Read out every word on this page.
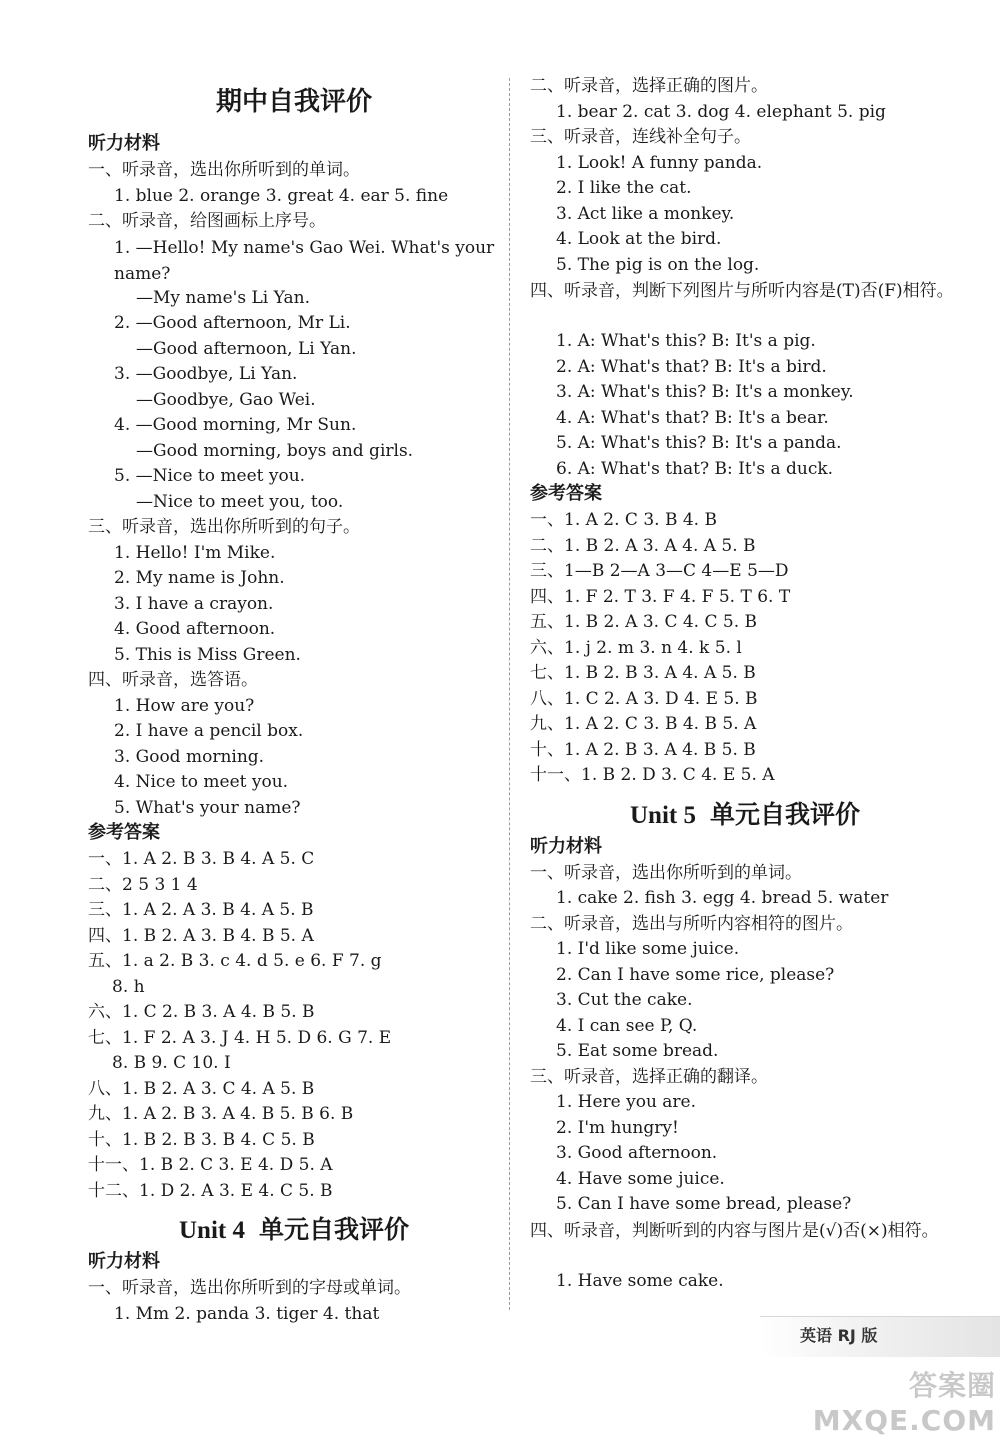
期中自我评价
听力材料
一、听录音，选出你所听到的单词。
1. blue 2. orange 3. great 4. ear 5. fine
二、听录音，给图画标上序号。
1. —Hello! My name's Gao Wei. What's your name?
—My name's Li Yan.
2. —Good afternoon, Mr Li.
—Good afternoon, Li Yan.
3. —Goodbye, Li Yan.
—Goodbye, Gao Wei.
4. —Good morning, Mr Sun.
—Good morning, boys and girls.
5. —Nice to meet you.
—Nice to meet you, too.
三、听录音，选出你所听到的句子。
1. Hello! I'm Mike.
2. My name is John.
3. I have a crayon.
4. Good afternoon.
5. This is Miss Green.
四、听录音，选答语。
1. How are you?
2. I have a pencil box.
3. Good morning.
4. Nice to meet you.
5. What's your name?
参考答案
一、1. A 2. B 3. B 4. A 5. C
二、2 5 3 1 4
三、1. A 2. A 3. B 4. A 5. B
四、1. B 2. A 3. B 4. B 5. A
五、1. a 2. B 3. c 4. d 5. e 6. F 7. g
8. h
六、1. C 2. B 3. A 4. B 5. B
七、1. F 2. A 3. J 4. H 5. D 6. G 7. E
8. B 9. C 10. I
八、1. B 2. A 3. C 4. A 5. B
九、1. A 2. B 3. A 4. B 5. B 6. B
十、1. B 2. B 3. B 4. C 5. B
十一、1. B 2. C 3. E 4. D 5. A
十二、1. D 2. A 3. E 4. C 5. B
Unit 4 单元自我评价
听力材料
一、听录音，选出你所听到的字母或单词。
1. Mm 2. panda 3. tiger 4. that
二、听录音，选择正确的图片。
1. bear 2. cat 3. dog 4. elephant 5. pig
三、听录音，连线补全句子。
1. Look! A funny panda.
2. I like the cat.
3. Act like a monkey.
4. Look at the bird.
5. The pig is on the log.
四、听录音，判断下列图片与所听内容是(T)否(F)相符。
1. A: What's this? B: It's a pig.
2. A: What's that? B: It's a bird.
3. A: What's this? B: It's a monkey.
4. A: What's that? B: It's a bear.
5. A: What's this? B: It's a panda.
6. A: What's that? B: It's a duck.
参考答案
一、1. A 2. C 3. B 4. B
二、1. B 2. A 3. A 4. A 5. B
三、1—B 2—A 3—C 4—E 5—D
四、1. F 2. T 3. F 4. F 5. T 6. T
五、1. B 2. A 3. C 4. C 5. B
六、1. j 2. m 3. n 4. k 5. l
七、1. B 2. B 3. A 4. A 5. B
八、1. C 2. A 3. D 4. E 5. B
九、1. A 2. C 3. B 4. B 5. A
十、1. A 2. B 3. A 4. B 5. B
十一、1. B 2. D 3. C 4. E 5. A
Unit 5 单元自我评价
听力材料
一、听录音，选出你所听到的单词。
1. cake 2. fish 3. egg 4. bread 5. water
二、听录音，选出与所听内容相符的图片。
1. I'd like some juice.
2. Can I have some rice, please?
3. Cut the cake.
4. I can see P, Q.
5. Eat some bread.
三、听录音，选择正确的翻译。
1. Here you are.
2. I'm hungry!
3. Good afternoon.
4. Have some juice.
5. Can I have some bread, please?
四、听录音，判断听到的内容与图片是(√)否(×)相符。
1. Have some cake.
英语 RJ 版
答案圈 MXQE.COM
